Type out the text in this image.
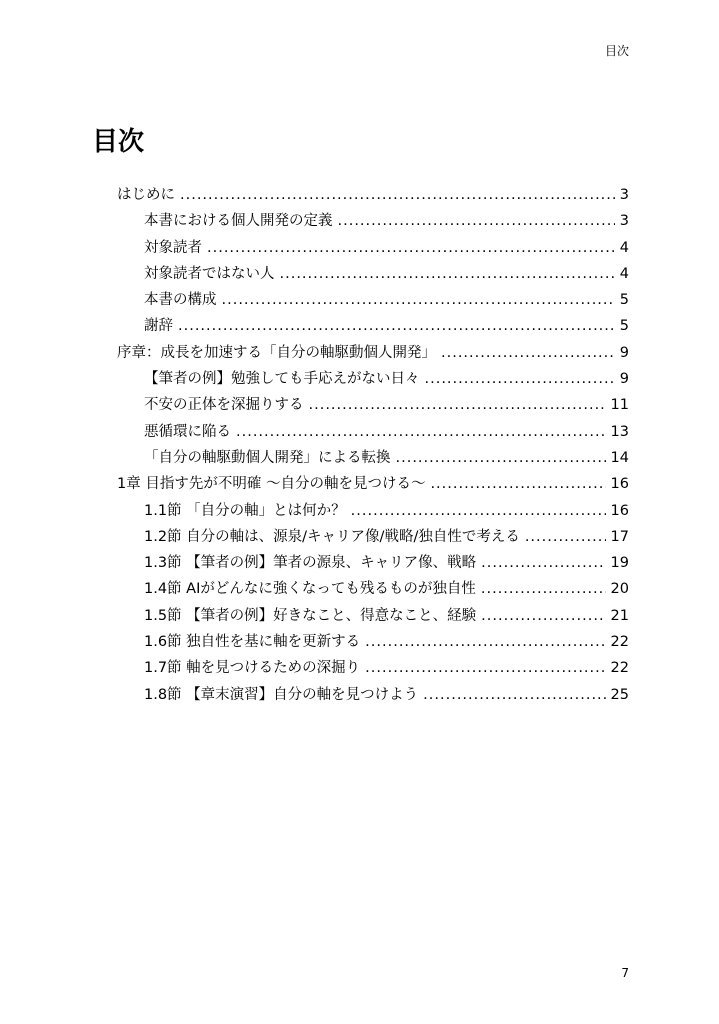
目次
目次
はじめに .....	3
本書における個人開発の定義 .....	3
対象読者 .....	4
対象読者ではない人 .....	4
本書の構成 .....	5
謝辞 .....	5
序章：成長を加速する「自分の軸駆動個人開発」 .....	9
【筆者の例】勉強しても手応えがない日々 .....	9
不安の正体を深掘りする .....	11
悪循環に陥る .....	13
「自分の軸駆動個人開発」による転換 .....	14
1章 目指す先が不明確 〜自分の軸を見つける〜 .....	16
1.1節 「自分の軸」とは何か？ .....	16
1.2節 自分の軸は、源泉/キャリア像/戦略/独自性で考える .....	17
1.3節 【筆者の例】筆者の源泉、キャリア像、戦略 .....	19
1.4節 AIがどんなに強くなっても残るものが独自性 .....	20
1.5節 【筆者の例】好きなこと、得意なこと、経験 .....	21
1.6節 独自性を基に軸を更新する .....	22
1.7節 軸を見つけるための深掘り .....	22
1.8節 【章末演習】自分の軸を見つけよう .....	25
7
